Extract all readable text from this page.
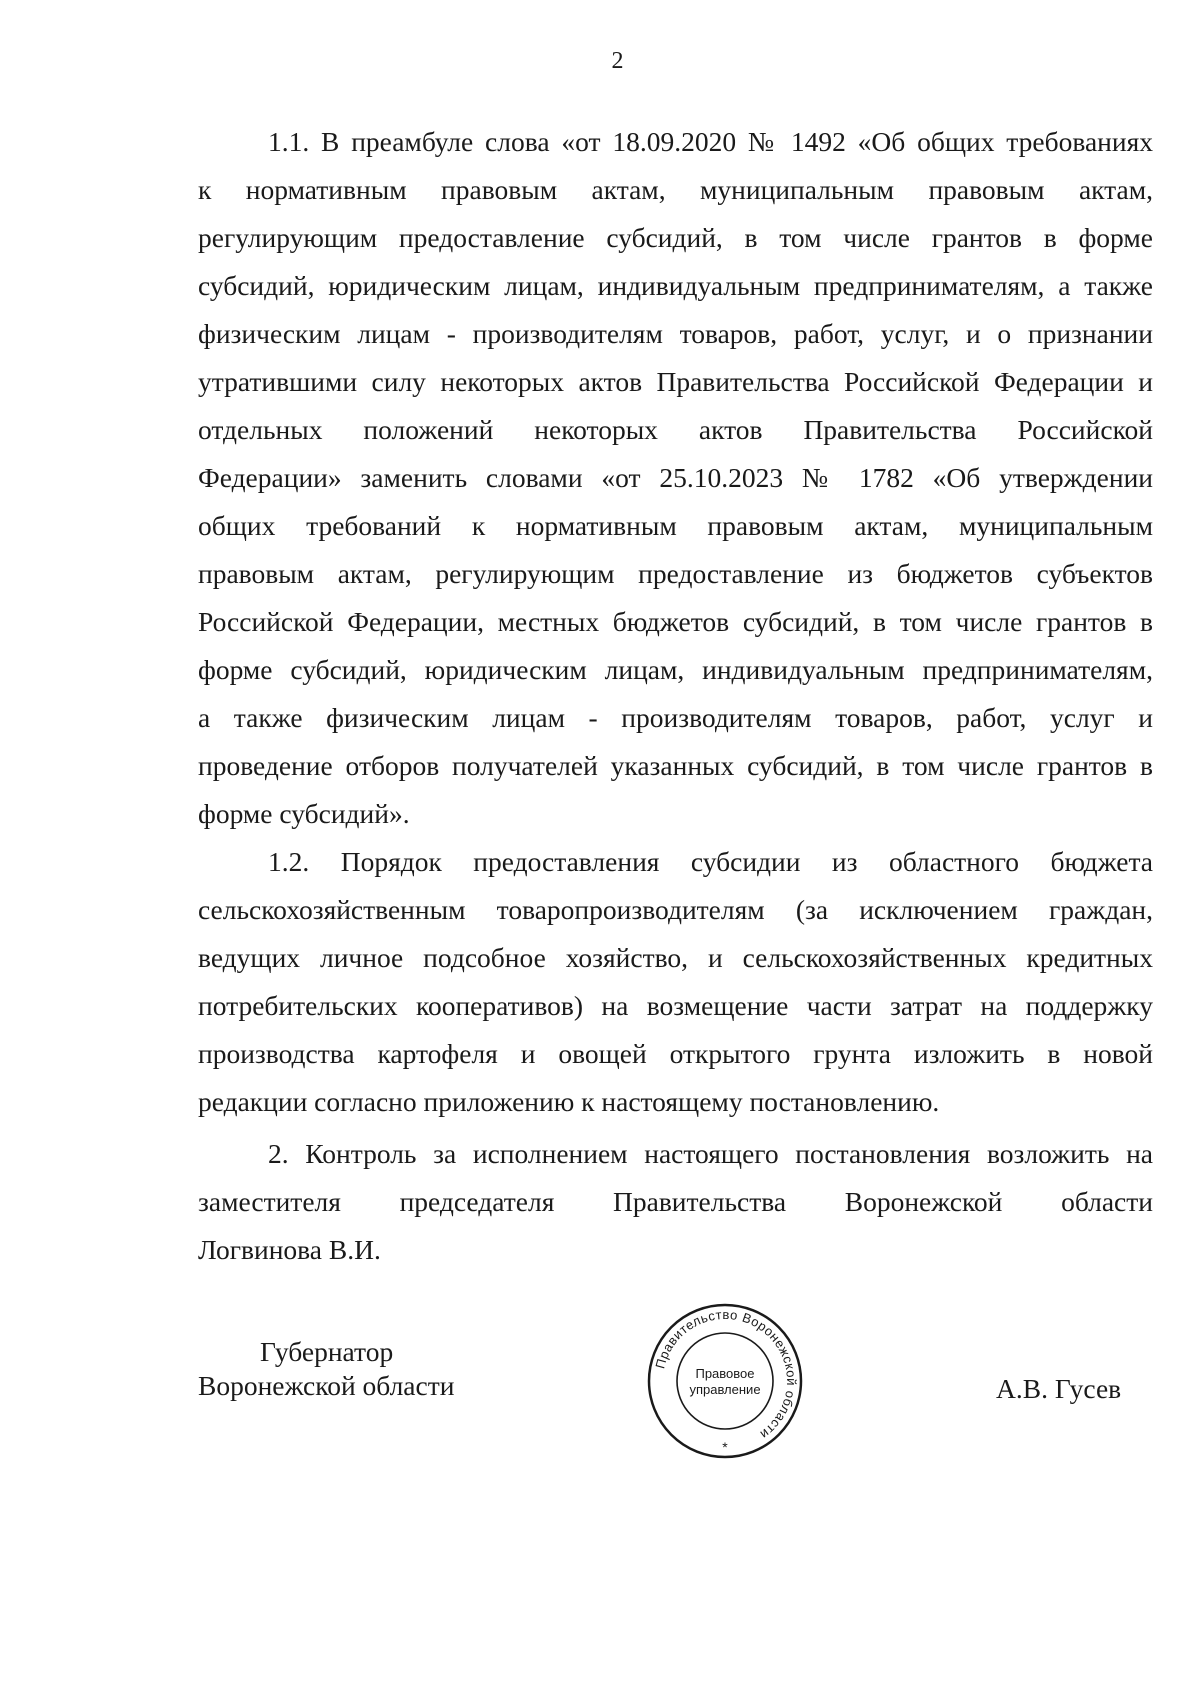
2
1.1. В преамбуле слова «от 18.09.2020 № 1492 «Об общих требованиях
к нормативным правовым актам, муниципальным правовым актам,
регулирующим предоставление субсидий, в том числе грантов в форме
субсидий, юридическим лицам, индивидуальным предпринимателям, а также
физическим лицам - производителям товаров, работ, услуг, и о признании
утратившими силу некоторых актов Правительства Российской Федерации и
отдельных положений некоторых актов Правительства Российской
Федерации» заменить словами «от 25.10.2023 № 1782 «Об утверждении
общих требований к нормативным правовым актам, муниципальным
правовым актам, регулирующим предоставление из бюджетов субъектов
Российской Федерации, местных бюджетов субсидий, в том числе грантов в
форме субсидий, юридическим лицам, индивидуальным предпринимателям,
а также физическим лицам - производителям товаров, работ, услуг и
проведение отборов получателей указанных субсидий, в том числе грантов в
форме субсидий».
1.2. Порядок предоставления субсидии из областного бюджета
сельскохозяйственным товаропроизводителям (за исключением граждан,
ведущих личное подсобное хозяйство, и сельскохозяйственных кредитных
потребительских кооперативов) на возмещение части затрат на поддержку
производства картофеля и овощей открытого грунта изложить в новой
редакции согласно приложению к настоящему постановлению.
2. Контроль за исполнением настоящего постановления возложить на
заместителя председателя Правительства Воронежской области
Логвинова В.И.
Губернатор
Воронежской области
Правительство Воронежской области
Правовое
управление
*
А.В. Гусев
